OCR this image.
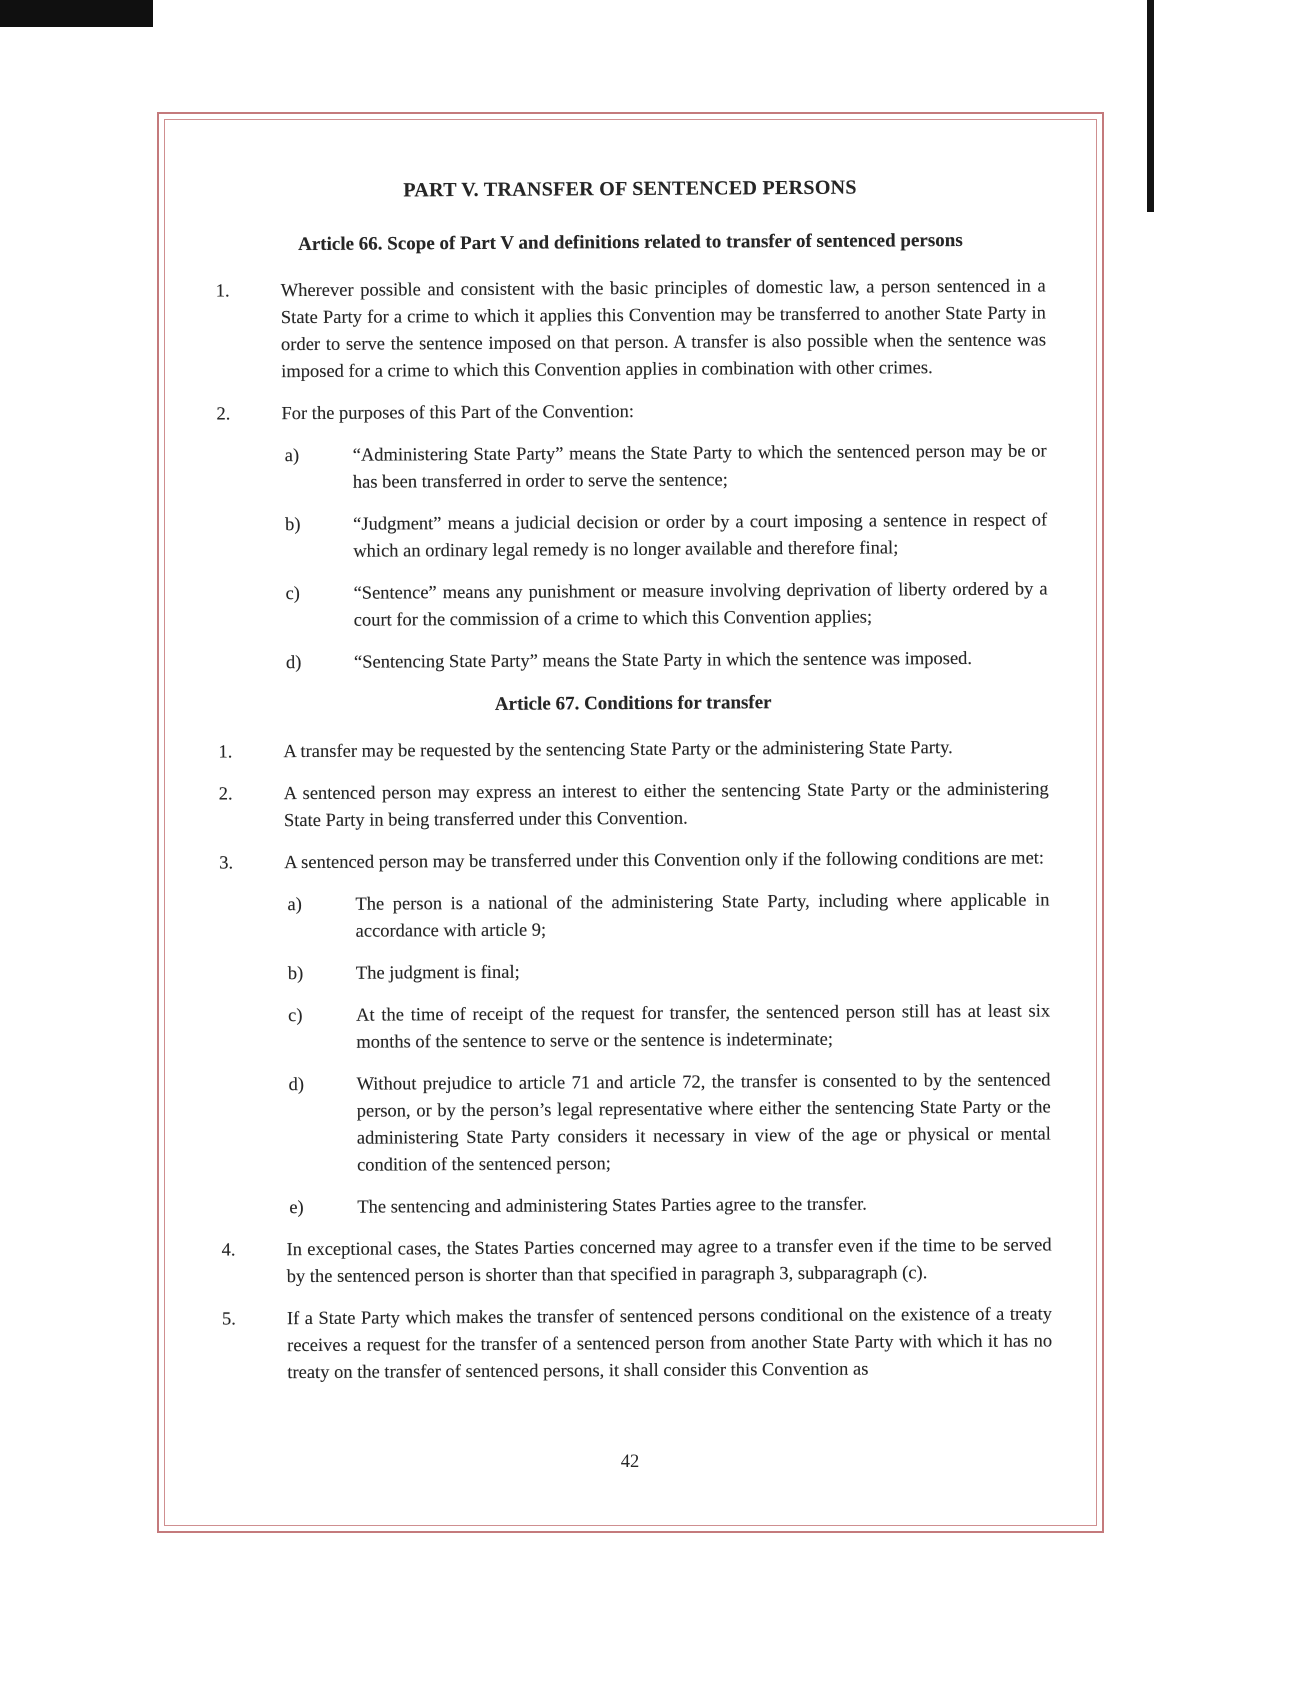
PART V. TRANSFER OF SENTENCED PERSONS
Article 66. Scope of Part V and definitions related to transfer of sentenced persons
1.	Wherever possible and consistent with the basic principles of domestic law, a person sentenced in a State Party for a crime to which it applies this Convention may be transferred to another State Party in order to serve the sentence imposed on that person. A transfer is also possible when the sentence was imposed for a crime to which this Convention applies in combination with other crimes.
2.	For the purposes of this Part of the Convention:
a)	“Administering State Party” means the State Party to which the sentenced person may be or has been transferred in order to serve the sentence;
b)	“Judgment” means a judicial decision or order by a court imposing a sentence in respect of which an ordinary legal remedy is no longer available and therefore final;
c)	“Sentence” means any punishment or measure involving deprivation of liberty ordered by a court for the commission of a crime to which this Convention applies;
d)	“Sentencing State Party” means the State Party in which the sentence was imposed.
Article 67. Conditions for transfer
1.	A transfer may be requested by the sentencing State Party or the administering State Party.
2.	A sentenced person may express an interest to either the sentencing State Party or the administering State Party in being transferred under this Convention.
3.	A sentenced person may be transferred under this Convention only if the following conditions are met:
a)	The person is a national of the administering State Party, including where applicable in accordance with article 9;
b)	The judgment is final;
c)	At the time of receipt of the request for transfer, the sentenced person still has at least six months of the sentence to serve or the sentence is indeterminate;
d)	Without prejudice to article 71 and article 72, the transfer is consented to by the sentenced person, or by the person’s legal representative where either the sentencing State Party or the administering State Party considers it necessary in view of the age or physical or mental condition of the sentenced person;
e)	The sentencing and administering States Parties agree to the transfer.
4.	In exceptional cases, the States Parties concerned may agree to a transfer even if the time to be served by the sentenced person is shorter than that specified in paragraph 3, subparagraph (c).
5.	If a State Party which makes the transfer of sentenced persons conditional on the existence of a treaty receives a request for the transfer of a sentenced person from another State Party with which it has no treaty on the transfer of sentenced persons, it shall consider this Convention as
42
